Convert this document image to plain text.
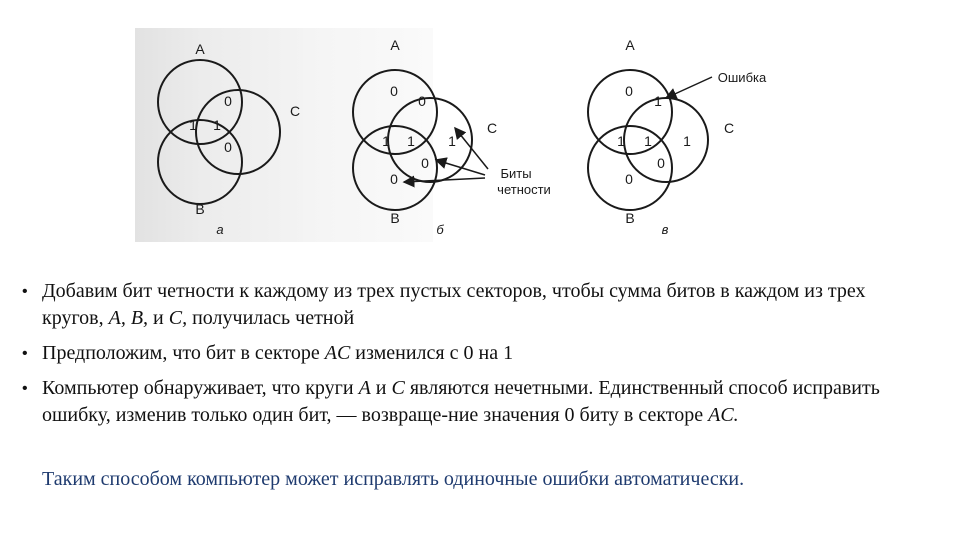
A
B
C
0
1 1
0
а
A
B
C
0
0
1 1 1
0
0	Биты
четности
б
A
B
C
0
1
1 1 1
0
0
Ошибка
в
•
Добавим бит четности к каждому из трех пустых секторов, чтобы сумма битов в каждом из трех кругов, A, B, и C, получилась четной
•
Предположим, что бит в секторе AC изменился с 0 на 1
•
Компьютер обнаруживает, что круги A и C являются нечетными. Единственный способ исправить ошибку, изменив только один бит, — возвраще-ние значения 0 биту в секторе AC.
Таким способом компьютер может исправлять одиночные ошибки автоматически.
